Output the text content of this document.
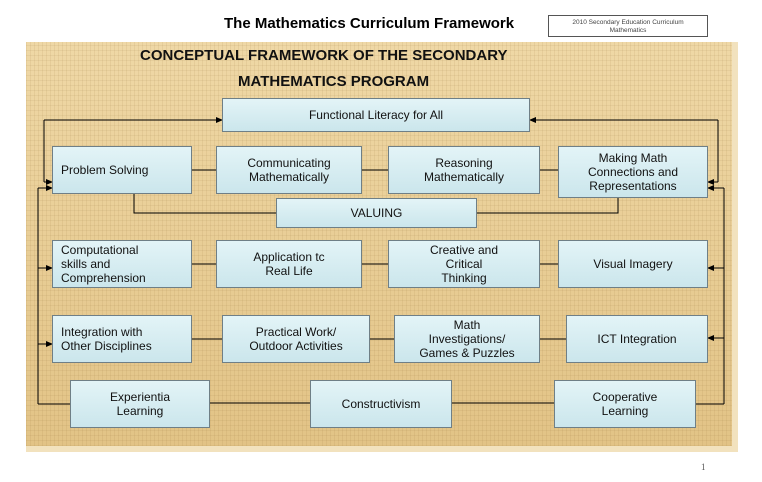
The Mathematics Curriculum Framework	2010 Secondary Education Curriculum
Mathematics
CONCEPTUAL FRAMEWORK OF THE SECONDARY
MATHEMATICS PROGRAM
Functional Literacy for All
Problem Solving	Communicating
Mathematically
Reasoning
Mathematically
Making Math
Connections and
Representations
VALUING
Computational
skills and
Comprehension
Application tc
Real Life
Creative and
Critical
Thinking
Visual Imagery
Integration with
Other Disciplines
Practical Work/
Outdoor Activities
Math
Investigations/
Games & Puzzles
ICT Integration
Experientia
Learning	Constructivism	Cooperative
Learning
1
